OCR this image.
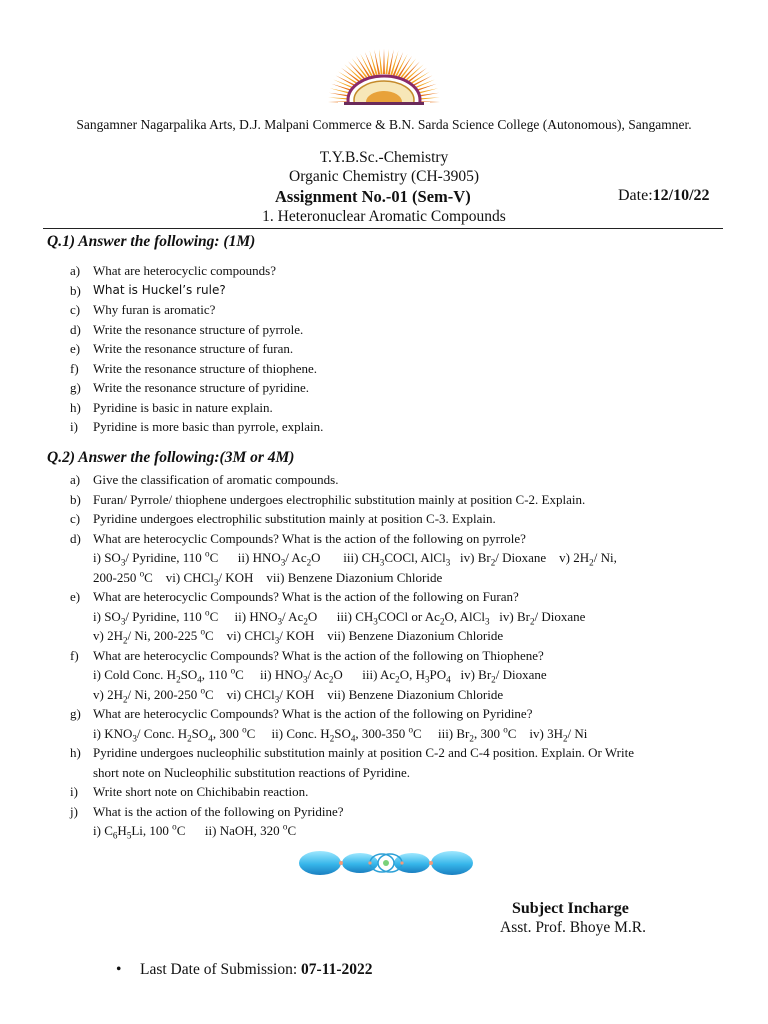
Sangamner Nagarpalika Arts, D.J. Malpani Commerce & B.N. Sarda Science College (Autonomous), Sangamner.
T.Y.B.Sc.-Chemistry
Organic Chemistry (CH-3905)
Assignment No.-01 (Sem-V)	Date:12/10/22
1. Heteronuclear Aromatic Compounds
Q.1) Answer the following: (1M)
a) What are heterocyclic compounds?
b) What is Huckel’s rule?
c) Why furan is aromatic?
d) Write the resonance structure of pyrrole.
e) Write the resonance structure of furan.
f) Write the resonance structure of thiophene.
g) Write the resonance structure of pyridine.
h) Pyridine is basic in nature explain.
i) Pyridine is more basic than pyrrole, explain.
Q.2) Answer the following:(3M or 4M)
a) Give the classification of aromatic compounds.
b) Furan/ Pyrrole/ thiophene undergoes electrophilic substitution mainly at position C-2. Explain.
c) Pyridine undergoes electrophilic substitution mainly at position C-3. Explain.
d) What are heterocyclic Compounds? What is the action of the following on pyrrole?
i) $SO_3/$ Pyridine, 110 $^o$C      ii) $HNO_3/$ $Ac_2O$       iii) $CH_3COCl$, AlCl$_3$   iv) $Br_2/$ Dioxane    v) $2H_2/$ Ni,
200-250 $^o$C    vi) CHCl$_3$/ KOH    vii) Benzene Diazonium Chloride
e) What are heterocyclic Compounds? What is the action of the following on Furan?
i) $SO_3/$ Pyridine, 110 $^o$C     ii) $HNO_3/$ $Ac_2O$      iii) $CH_3COCl$ or $Ac_2O$, AlCl$_3$   iv) $Br_2/$ Dioxane
v) $2H_2/$ Ni, 200-225 $^o$C    vi) CHCl$_3$/ KOH    vii) Benzene Diazonium Chloride
f) What are heterocyclic Compounds? What is the action of the following on Thiophene?
i) Cold Conc. $H_2SO_4$, 110 $^o$C     ii) $HNO_3/$ $Ac_2O$      iii) $Ac_2O$, $H_3PO_4$   iv) $Br_2/$ Dioxane
v) $2H_2/$ Ni, 200-250 $^o$C    vi) CHCl$_3$/ KOH    vii) Benzene Diazonium Chloride
g) What are heterocyclic Compounds? What is the action of the following on Pyridine?
i) $KNO_3/$ Conc. $H_2SO_4$, 300 $^o$C     ii) Conc. $H_2SO_4$, 300-350 $^o$C     iii) $Br_2$, 300 $^o$C    iv) $3H_2/$ Ni
h) Pyridine undergoes nucleophilic substitution mainly at position C-2 and C-4 position. Explain. Or Write
short note on Nucleophilic substitution reactions of Pyridine.
i) Write short note on Chichibabin reaction.
j) What is the action of the following on Pyridine?
i) $C_6H_5Li$, 100 $^o$C      ii) NaOH, 320 $^o$C
Subject Incharge
Asst. Prof. Bhoye M.R.
• Last Date of Submission: 07-11-2022
